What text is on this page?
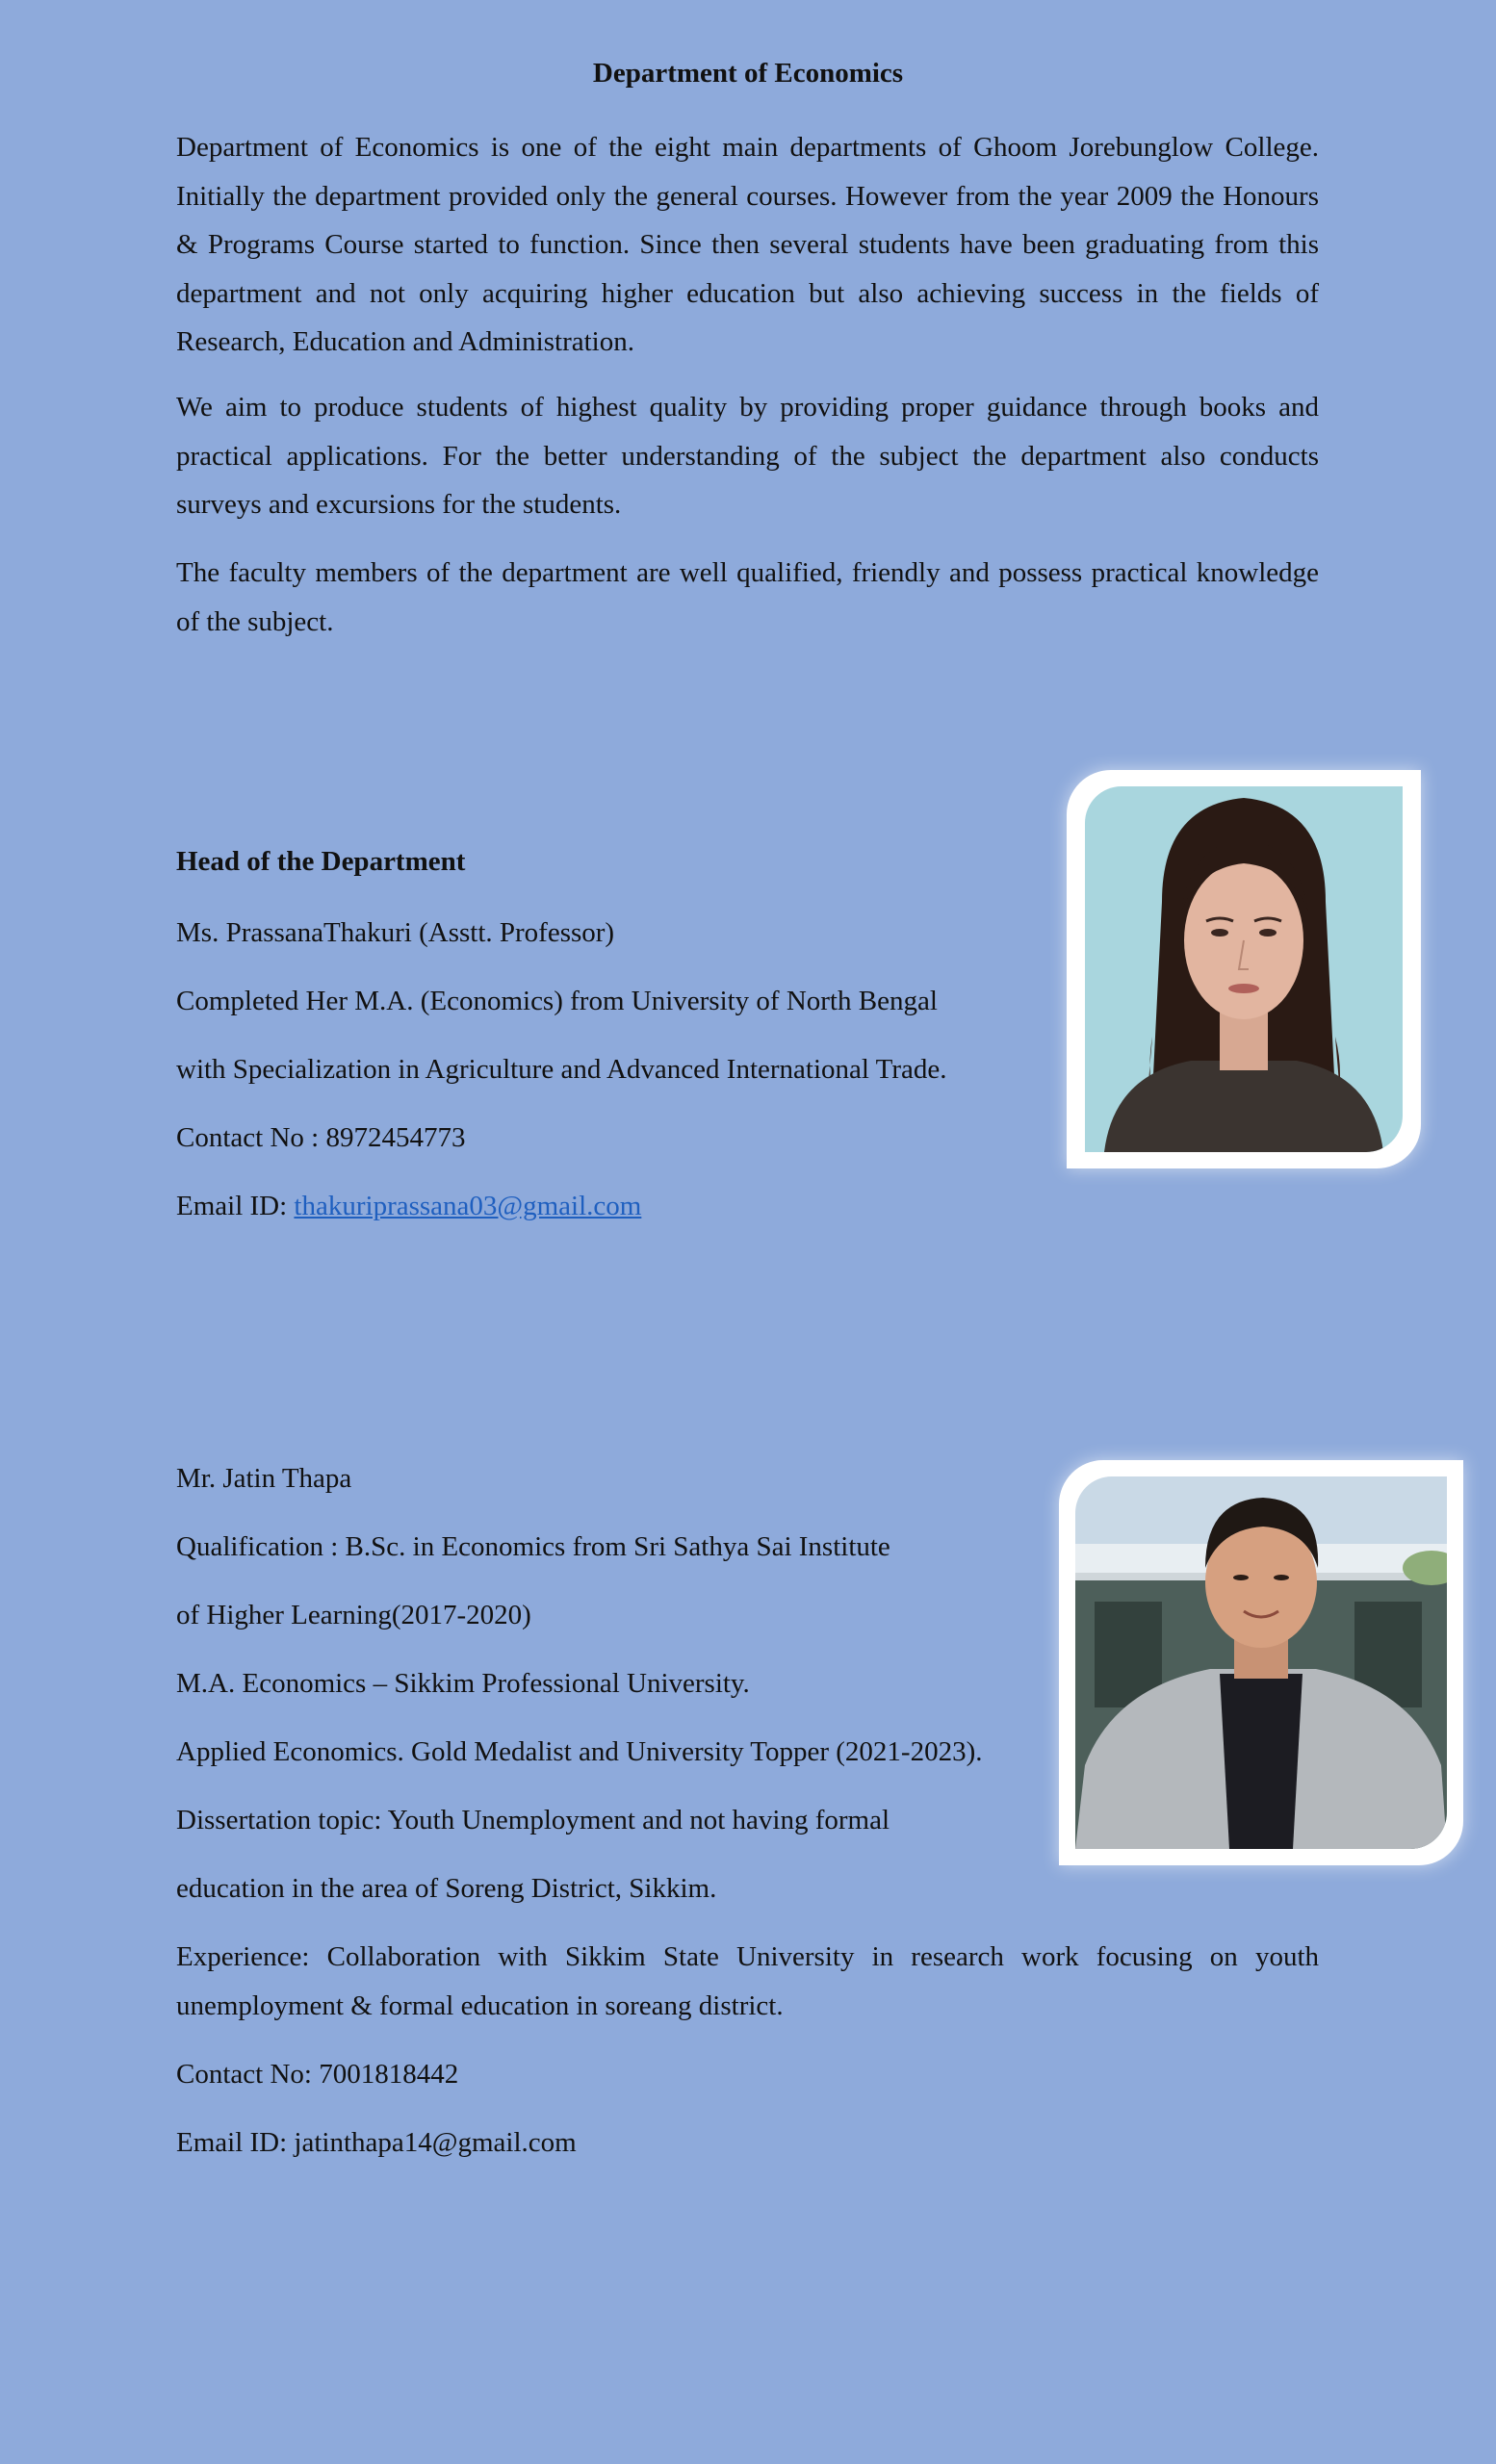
Department of Economics

Department of Economics is one of the eight main departments of Ghoom Jorebunglow College. Initially the department provided only the general courses. However from the year 2009 the Honours & Programs Course started to function. Since then several students have been graduating from this department and not only acquiring higher education but also achieving success in the fields of Research, Education and Administration.

We aim to produce students of highest quality by providing proper guidance through books and practical applications. For the better understanding of the subject the department also conducts surveys and excursions for the students.

The faculty members of the department are well qualified, friendly and possess practical knowledge of the subject.

Head of the Department

Ms. PrassanaThakuri (Asstt. Professor)

Completed Her M.A. (Economics) from University of North Bengal

with Specialization in Agriculture and Advanced International Trade.

Contact No : 8972454773

Email ID: thakuriprassana03@gmail.com

Mr. Jatin Thapa

Qualification : B.Sc. in Economics from Sri Sathya Sai Institute

of Higher Learning(2017-2020)

M.A. Economics – Sikkim Professional University.

Applied Economics. Gold Medalist and University Topper (2021-2023).

Dissertation topic: Youth Unemployment and not having formal

education in the area of Soreng District, Sikkim.

Experience: Collaboration with Sikkim State University in research work focusing on youth unemployment & formal education in soreang district.

Contact No: 7001818442

Email ID: jatinthapa14@gmail.com
